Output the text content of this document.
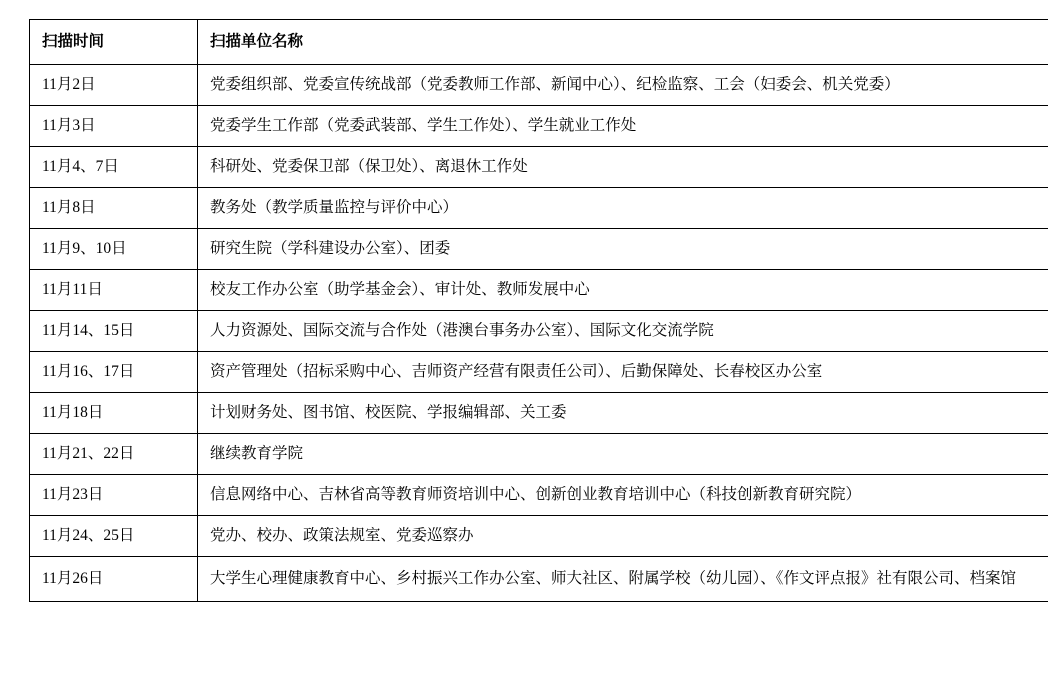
扫描时间	扫描单位名称
11月2日	党委组织部、党委宣传统战部（党委教师工作部、新闻中心）、纪检监察、工会（妇委会、机关党委）
11月3日	党委学生工作部（党委武装部、学生工作处）、学生就业工作处
11月4、7日	科研处、党委保卫部（保卫处）、离退休工作处
11月8日	教务处（教学质量监控与评价中心）
11月9、10日	研究生院（学科建设办公室）、团委
11月11日	校友工作办公室（助学基金会）、审计处、教师发展中心
11月14、15日	人力资源处、国际交流与合作处（港澳台事务办公室）、国际文化交流学院
11月16、17日	资产管理处（招标采购中心、吉师资产经营有限责任公司）、后勤保障处、长春校区办公室
11月18日	计划财务处、图书馆、校医院、学报编辑部、关工委
11月21、22日	继续教育学院
11月23日	信息网络中心、吉林省高等教育师资培训中心、创新创业教育培训中心（科技创新教育研究院）
11月24、25日	党办、校办、政策法规室、党委巡察办
11月26日	大学生心理健康教育中心、乡村振兴工作办公室、师大社区、附属学校（幼儿园）、《作文评点报》社有限公司、档案馆
